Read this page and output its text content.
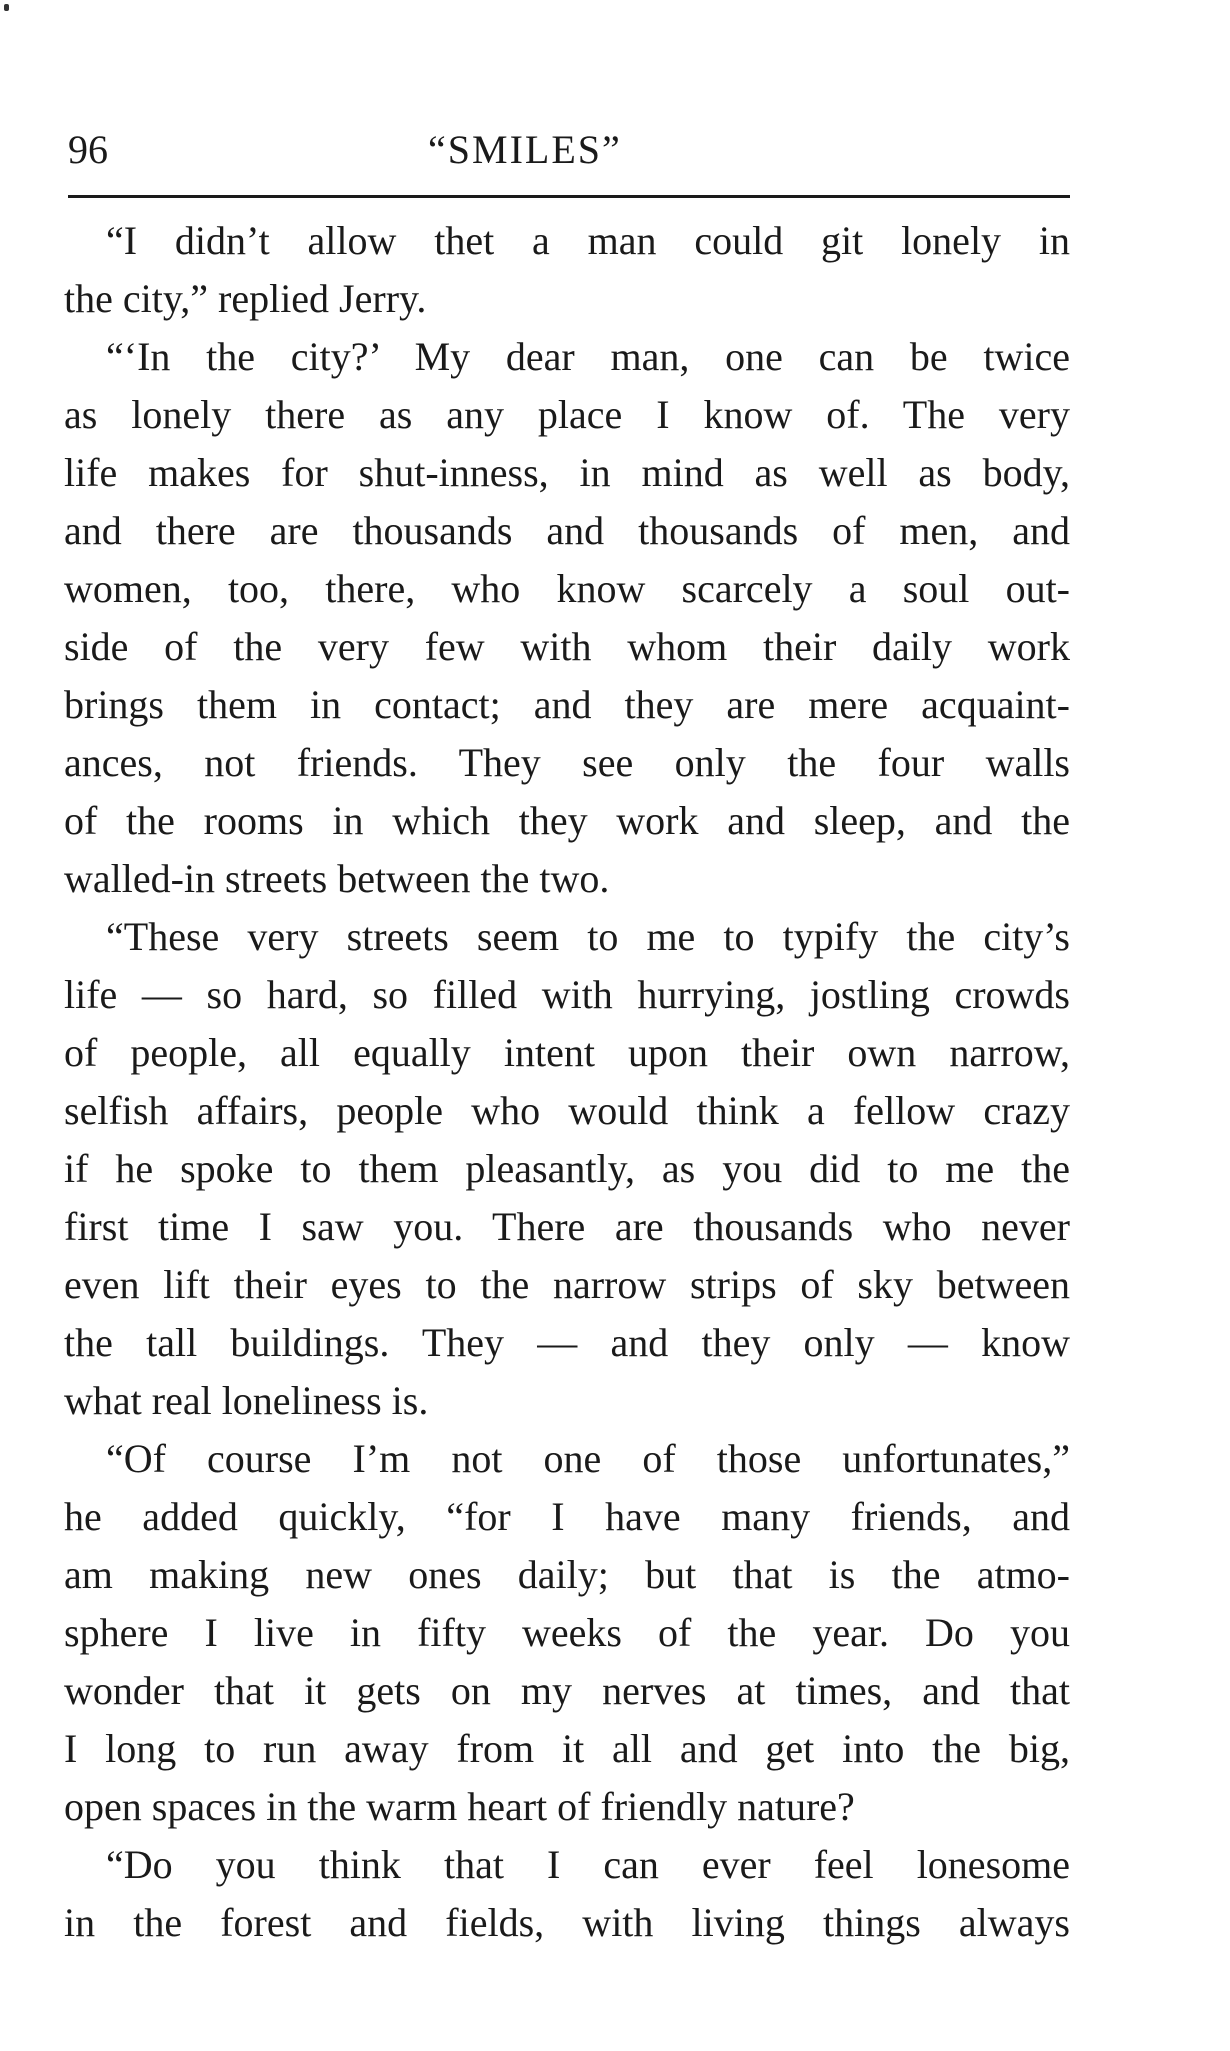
96	“SMILES”
“I didn’t allow thet a man could git lonely in
the city,” replied Jerry.
“‘In the city?’ My dear man, one can be twice
as lonely there as any place I know of. The very
life makes for shut-inness, in mind as well as body,
and there are thousands and thousands of men, and
women, too, there, who know scarcely a soul out-
side of the very few with whom their daily work
brings them in contact; and they are mere acquaint-
ances, not friends. They see only the four walls
of the rooms in which they work and sleep, and the
walled-in streets between the two.
“These very streets seem to me to typify the city’s
life — so hard, so filled with hurrying, jostling crowds
of people, all equally intent upon their own narrow,
selfish affairs, people who would think a fellow crazy
if he spoke to them pleasantly, as you did to me the
first time I saw you. There are thousands who never
even lift their eyes to the narrow strips of sky between
the tall buildings. They — and they only — know
what real loneliness is.
“Of course I’m not one of those unfortunates,”
he added quickly, “for I have many friends, and
am making new ones daily; but that is the atmo-
sphere I live in fifty weeks of the year. Do you
wonder that it gets on my nerves at times, and that
I long to run away from it all and get into the big,
open spaces in the warm heart of friendly nature?
“Do you think that I can ever feel lonesome
in the forest and fields, with living things always
